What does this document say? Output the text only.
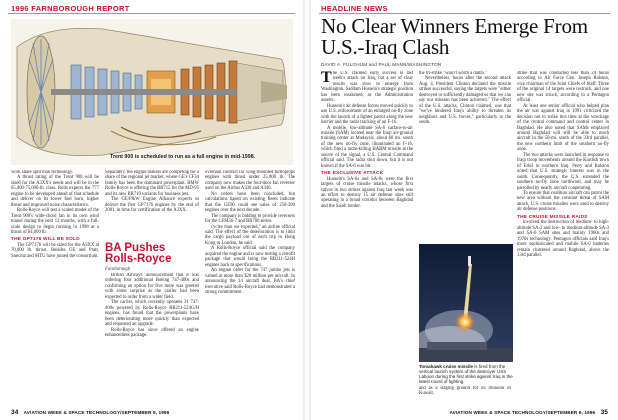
1996 FARNBOROUGH REPORT
Trent 900 is scheduled to run as a full engine in mid-1998.

work share split than technology.

A thrust rating of the Trent 900 will be sized for the A3XX's needs and will be in the 65,000-75,000-lb. class. Rolls expects the 777 engine to be developed ahead of that schedule and deliver on its lower fuel burn, higher thrust and improved noise characteristics.

Rolls-Royce will test a scaled model of the Trent 900's wide-chord fan in its own wind tunnel during the next 12 months, with a full-scale design to begin running in 1998 at a thrust of 84,000 lb.

THE GP7176 WILL BE SOLD

The GP7176 will be sized for the A3XX at 70,000 lb. thrust. Besides GE and Pratt, Snecma and MTU have joined the consortium.

Separately, the engine makers are competing for a share of the regional jet market, where GE's CF34 family has been the dominant powerplant. BMW Rolls-Royce is offering the BR715 for the MD-95 and its new BR710 variants for business jets.

The GE/P&W Engine Alliance expects to deliver the first GP7176 engines by the end of 2001, in time for certification of the A3XX.

BA Pushes Rolls-Royce
Farnborough

British Airways' announcement that it was ordering four additional Boeing 747-400s and confirming an option for five more was greeted with some surprise as the carrier had been expected to order from a wider field.

The carrier, which currently operates 31 747-400s powered by Rolls-Royce RB211-524G/H engines, has found that the powerplants have been deteriorating more quickly than expected and requested an upgrade.

Rolls-Royce has since offered an engine enhancement package.

overhaul contract for wing-mounted turboprops engines with thrust under 25,000 lb. The company now makes the four-door fan reverser used on the Airbus A330 and A340.

No orders have been concluded, but calculations based on existing fleets indicate that the GE90 could see sales of 250-300 engines over the next decade.

The company is bidding to provide reversers for the CFM56-7 and BR700 series.

cycles than we expected," an airline official said. The effect of the deterioration is to limit the cargo payload out of each trip to Hong Kong or London, he said.

A Rolls-Royce official said the company acquired the engine and is now testing a retrofit package that would bring the RB211-524H engines back to specifications.

An engine order for the 747 jumbo jets is valued at more than $20 million per aircraft. In announcing the 14 aircraft deal, BA's chief executive said Rolls-Royce had demonstrated a strong commitment.

34 AVIATION WEEK & SPACE TECHNOLOGY/SEPTEMBER 9, 1996
HEADLINE NEWS
No Clear Winners Emerge From U.S.-Iraq Clash
DAVID A. FULGHUM and PAUL MANN/WASHINGTON

The U.S. claimed early success in last week's attack on Iraq, but a set of clear results was slow to emerge from Washington. Saddam Hussein's strategic position has been weakened, as the Administration asserts.

Hussein's air defense forces moved quickly to use U.S. enforcement of an enlarged no-fly zone with the launch of a fighter patrol along the new barrier and the radar tracking of an F-16.

A mobile, low-altitude SA-6 surface-to-air missile (SAM) located near the Iraqi air-ground training center at Mudaysis, about 60 mi. south of the new no-fly zone, illuminated an F-16, which fired a radar-killing HARM missile at the source of the signal, a U.S. Central Command official said. The radar shut down, but it is not known if the SA-6 was hit.

THE EXCLUSIVE ATTACK

Hussein's SA-6s and SA-8s were the first targets of cruise missile attacks, whose first salvos in two strikes against Iraq last week was an effort to destroy 15 air defense sites still operating in a broad corridor between Baghdad and the Saudi border.

the tri-strike "wasn't worth a damn."

Nevertheless, hours after the second attack Aug. 4, President Clinton declared the missile strikes successful, saying the targets were "either destroyed or sufficiently damaged so that we can say our mission has been achieved." The effect of the U.S. attacks, Clinton claimed, was that "we've hindered Iraq's ability to threaten its neighbors and U.S. forces," particularly in the south.

Tomahawk cruise missile is fired from the vertical launch system of the destroyer USS Laboon during the first strike against Iraq in the latest round of fighting.

and as a staging ground for its invasion of Kuwait.

strike that was conducted less than 24 hours according to Air Force Gen. Joseph Ralston, vice chairman of the Joint Chiefs of Staff. Three of the original 14 targets were restruck, and one new site was struck, according to a Pentagon official.

At least one senior official who helped plan the air war against Iraq in 1991 criticized the decision not to strike this time at the wreckage of the central command and control center in Baghdad. He also noted that SAMs emplaced around Baghdad will still be able to reach aircraft in the 50-mi. south of the 33rd parallel, the new northern limit of the southern no-fly zone.

The two attacks were launched in response to Iraqi troop movements around the Kurdish town of Erbil in northern Iraq. Perry and Ralston noted that U.S. strategic interest was in the south. Consequently, the U.S. extended the southern no-fly zone northward, and may be patrolled by nearly aircraft cooperating.

To ensure that coalition aircraft can patrol the new area without the constant threat of SAM attack, U.S. cruise missiles were used to destroy air defense positions.

THE CRUISE MISSILE RAIDS

involved the destruction of medium- to high-altitude SA-2 and low- to medium-altitude SA-3 and SA-6 SAM sites and mainly 1960s and 1970s technology. Pentagon officials said Iraq's more sophisticated and mobile SA-6 batteries remain clustered around Baghdad, above the 33rd parallel.

AVIATION WEEK & SPACE TECHNOLOGY/SEPTEMBER 9, 1996 35
